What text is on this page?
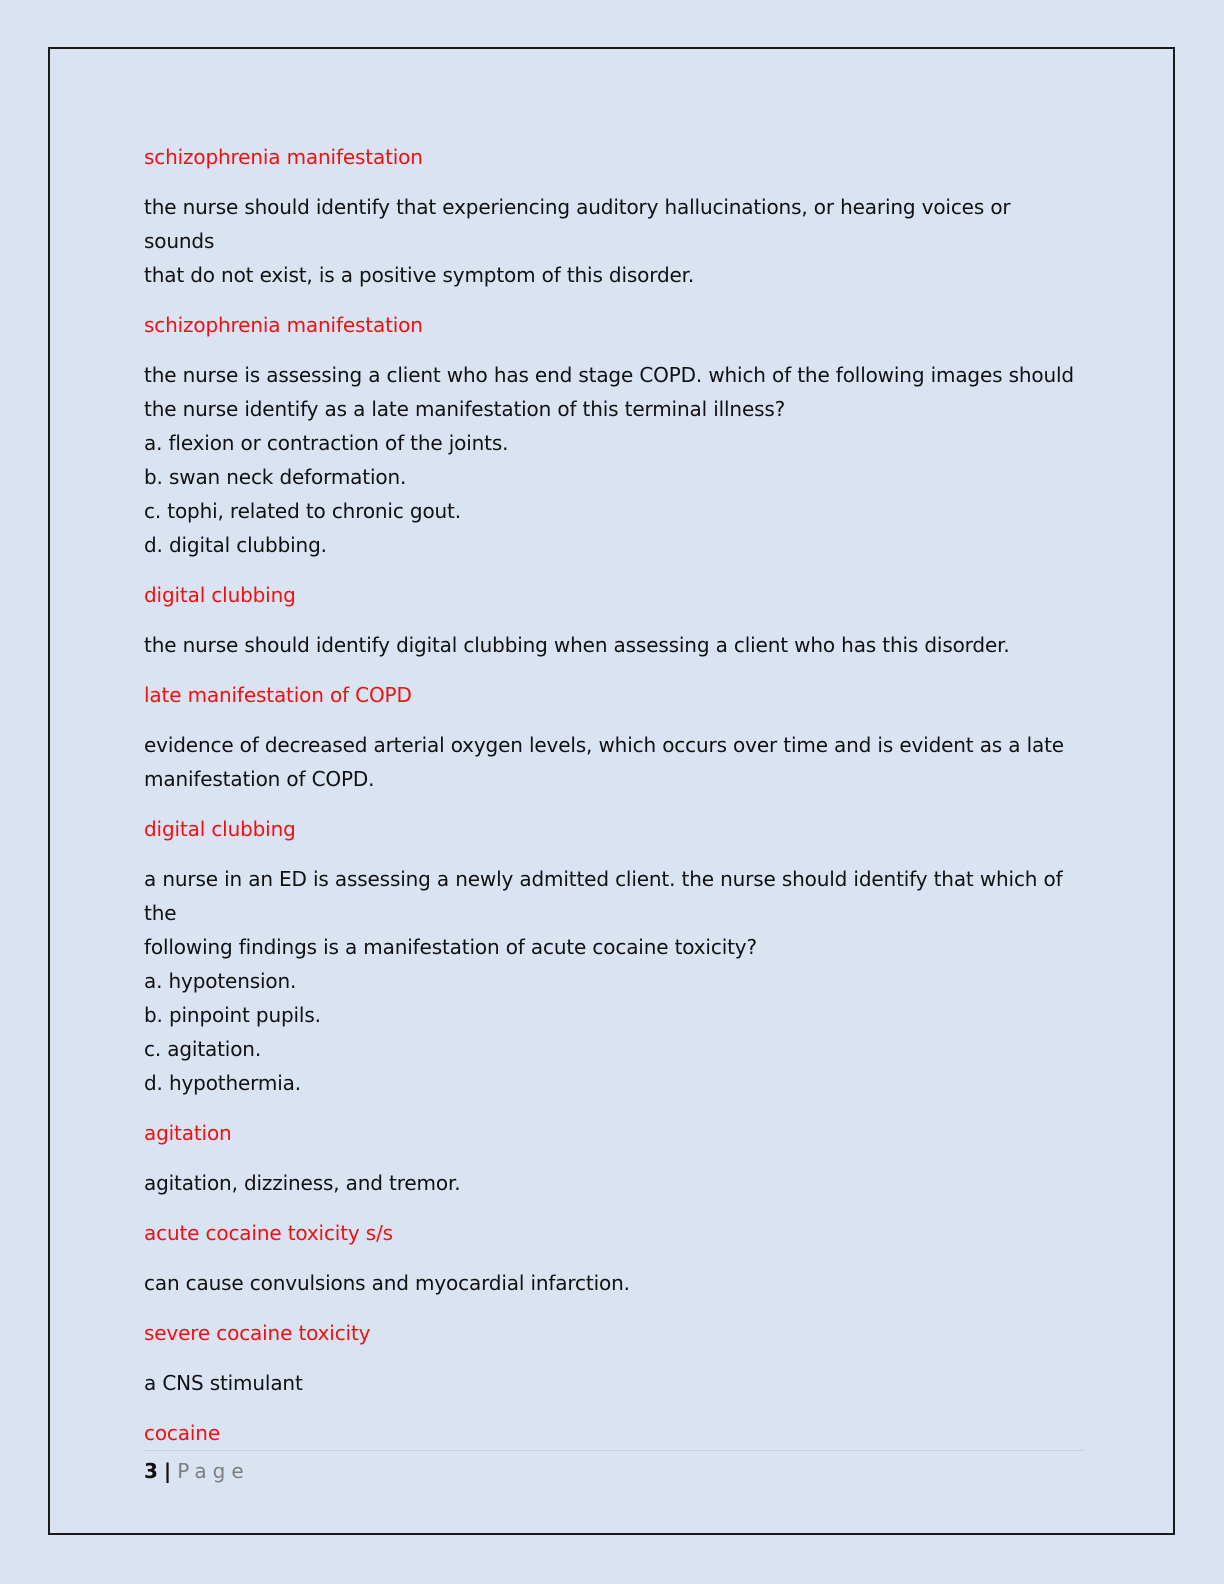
schizophrenia manifestation
the nurse should identify that experiencing auditory hallucinations, or hearing voices or sounds
that do not exist, is a positive symptom of this disorder.
schizophrenia manifestation
the nurse is assessing a client who has end stage COPD. which of the following images should
the nurse identify as a late manifestation of this terminal illness?
a. flexion or contraction of the joints.
b. swan neck deformation.
c. tophi, related to chronic gout.
d. digital clubbing.
digital clubbing
the nurse should identify digital clubbing when assessing a client who has this disorder.
late manifestation of COPD
evidence of decreased arterial oxygen levels, which occurs over time and is evident as a late
manifestation of COPD.
digital clubbing
a nurse in an ED is assessing a newly admitted client. the nurse should identify that which of the
following findings is a manifestation of acute cocaine toxicity?
a. hypotension.
b. pinpoint pupils.
c. agitation.
d. hypothermia.
agitation
agitation, dizziness, and tremor.
acute cocaine toxicity s/s
can cause convulsions and myocardial infarction.
severe cocaine toxicity
a CNS stimulant
cocaine
3 | Page
